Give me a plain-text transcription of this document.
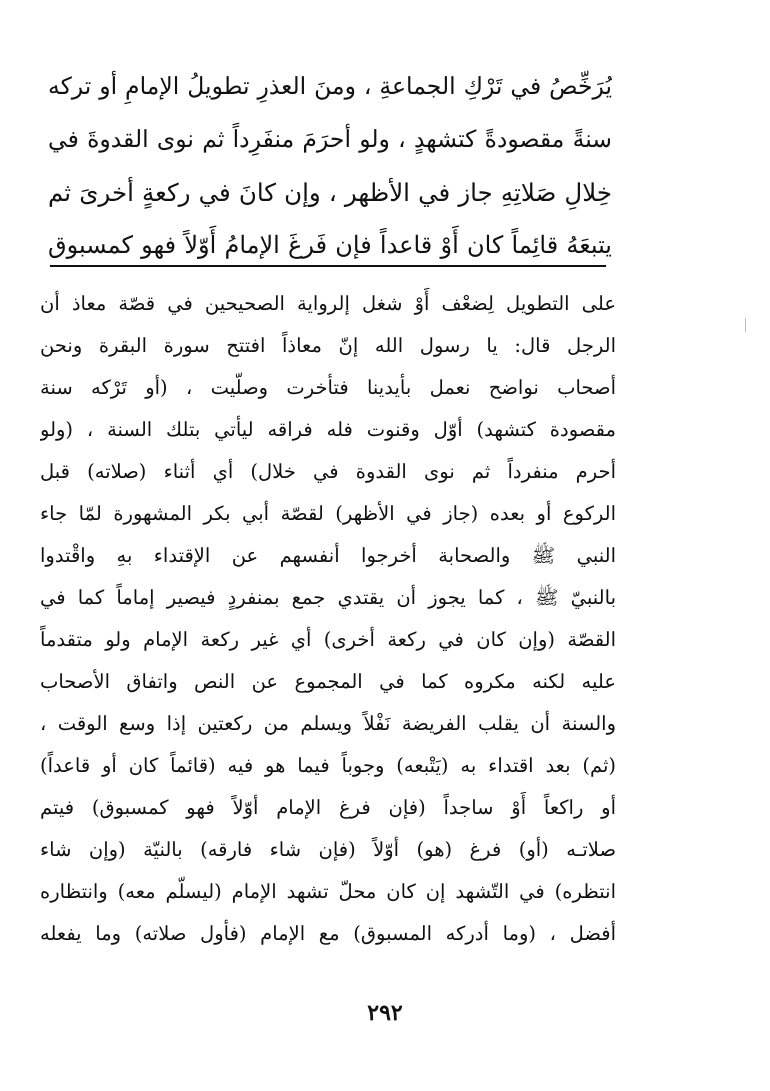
يُرَخِّصُ في تَرْكِ الجماعةِ ، ومنَ العذرِ تطويلُ الإمامِ أو تركه
سنةً مقصودةً كتشهدٍ ، ولو أحرَمَ منفَرِداً ثم نوى القدوةَ في
خِلالِ صَلاتِهِ جاز في الأظهر ، وإن كانَ في ركعةٍ أخرىَ ثم
يتبعَهُ قائِماً كان أَوْ قاعداً فإن فَرغَ الإمامُ أَوّلاً فهو كمسبوق
على التطويل لِضعْف أَوْ شغل إلرواية الصحيحين في قصّة معاذ أن
الرجل قال: يا رسول الله إنّ معاذاً افتتح سورة البقرة ونحن
أصحاب نواضح نعمل بأيدينا فتأخرت وصلّيت ، (أو تَرْكه سنة
مقصودة كتشهد) أوّل وقنوت فله فراقه ليأتي بتلك السنة ، (ولو
أحرم منفرداً ثم نوى القدوة في خلال) أي أثناء (صلاته) قبل
الركوع أو بعده (جاز في الأظهر) لقصّة أبي بكر المشهورة لمّا جاء
النبي ﷺ والصحابة أخرجوا أنفسهم عن الإقتداء بهِ واقْتدوا
بالنبيّ ﷺ ، كما يجوز أن يقتدي جمع بمنفردٍ فيصير إماماً كما في
القصّة (وإن كان في ركعة أخرى) أي غير ركعة الإمام ولو متقدماً
عليه لكنه مكروه كما في المجموع عن النص واتفاق الأصحاب
والسنة أن يقلب الفريضة نَفْلاً ويسلم من ركعتين إذا وسع الوقت ،
(ثم) بعد اقتداء به (يَتْبعه) وجوباً فيما هو فيه (قائماً كان أو قاعداً)
أو راكعاً أَوْ ساجداً (فإن فرغ الإمام أوّلاً فهو كمسبوق) فيتم
صلاتـه (أو) فرغ (هو) أوّلاً (فإن شاء فارقه) بالنيّة (وإن شاء
انتظره) في التّشهد إن كان محلّ تشهد الإمام (ليسلّم معه) وانتظاره
أفضل ، (وما أدركه المسبوق) مع الإمام (فأول صلاته) وما يفعله
٢٩٢
